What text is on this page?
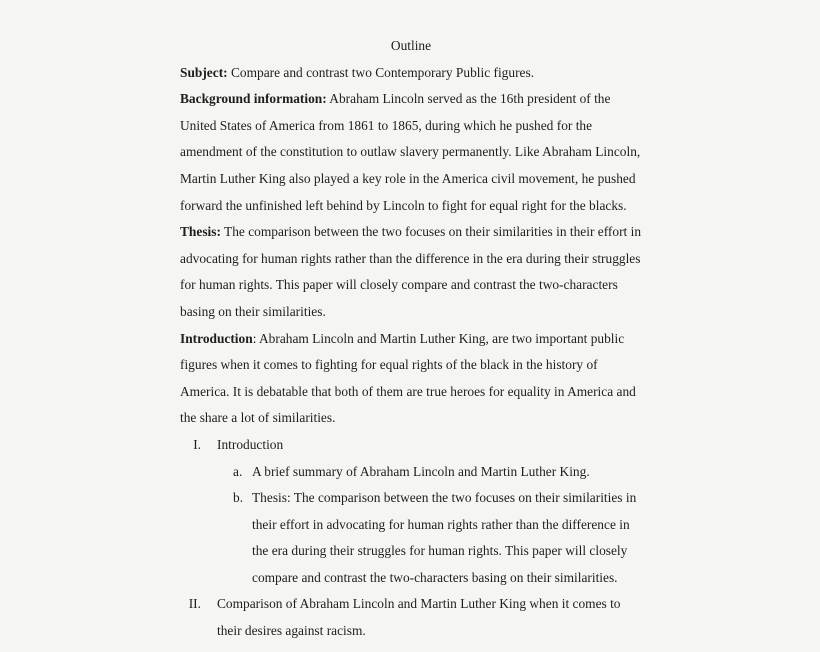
Outline

Subject: Compare and contrast two Contemporary Public figures.

Background information: Abraham Lincoln served as the 16th president of the United States of America from 1861 to 1865, during which he pushed for the amendment of the constitution to outlaw slavery permanently. Like Abraham Lincoln, Martin Luther King also played a key role in the America civil movement, he pushed forward the unfinished left behind by Lincoln to fight for equal right for the blacks.

Thesis: The comparison between the two focuses on their similarities in their effort in advocating for human rights rather than the difference in the era during their struggles for human rights. This paper will closely compare and contrast the two-characters basing on their similarities.

Introduction: Abraham Lincoln and Martin Luther King, are two important public figures when it comes to fighting for equal rights of the black in the history of America. It is debatable that both of them are true heroes for equality in America and the share a lot of similarities.

I. Introduction
a. A brief summary of Abraham Lincoln and Martin Luther King.
b. Thesis: The comparison between the two focuses on their similarities in their effort in advocating for human rights rather than the difference in the era during their struggles for human rights. This paper will closely compare and contrast the two-characters basing on their similarities.
II. Comparison of Abraham Lincoln and Martin Luther King when it comes to their desires against racism.
